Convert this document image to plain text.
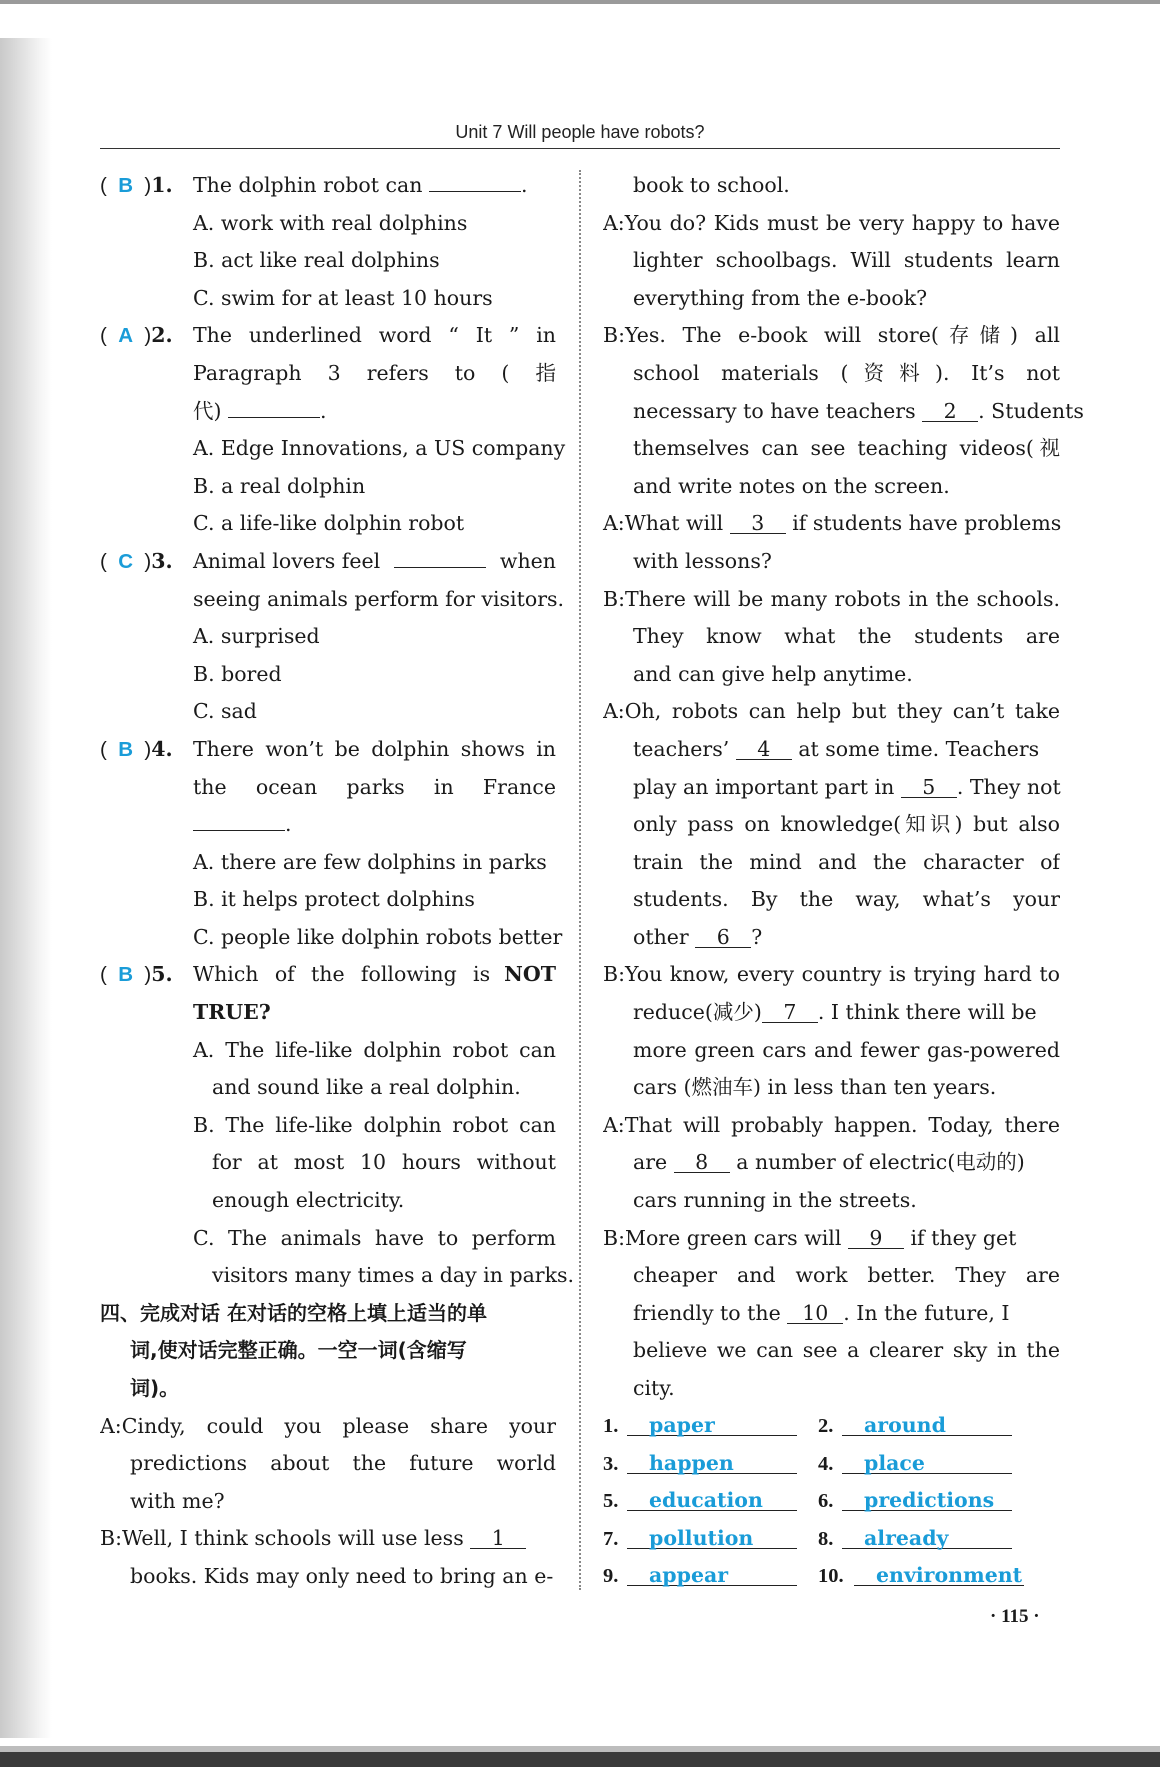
Unit 7 Will people have robots?
(  B  )1. The dolphin robot can	.
A. work with real dolphins
B. act like real dolphins
C. swim for at least 10 hours
(  A  )2. The underlined word “ It ” in
Paragraph 3 refers to ( 指
代)	.
A. Edge Innovations, a US company
B. a real dolphin
C. a life-like dolphin robot
(  C  )3. Animal lovers feel	when
seeing animals perform for visitors.
A. surprised
B. bored
C. sad
(  B  )4. There won’t be dolphin shows in
the ocean parks in France
.
A. there are few dolphins in parks
B. it helps protect dolphins
C. people like dolphin robots better
(  B  )5. Which of the following is NOT
TRUE?
A. The life-like dolphin robot can
and sound like a real dolphin.
B. The life-like dolphin robot can
for at most 10 hours without
enough electricity.
C. The animals have to perform
visitors many times a day in parks.
四、完成对话 在对话的空格上填上适当的单
词,使对话完整正确。一空一词(含缩写
词)。
A:Cindy, could you please share your
predictions about the future world
with me?
B:Well, I think schools will use less 1
books. Kids may only need to bring an e-
book to school.
A:You do? Kids must be very happy to have
lighter schoolbags. Will students learn
everything from the e-book?
B:Yes. The e-book will store(存储) all
school materials (资料). It’s not
necessary to have teachers 2 . Students
themselves can see teaching videos(视
and write notes on the screen.
A:What will 3 if students have problems
with lessons?
B:There will be many robots in the schools.
They know what the students are
and can give help anytime.
A:Oh, robots can help but they can’t take
teachers’ 4 at some time. Teachers
play an important part in 5 . They not
only pass on knowledge(知识) but also
train the mind and the character of
students. By the way, what’s your
other 6 ?
B:You know, every country is trying hard to
reduce(减少) 7 . I think there will be
more green cars and fewer gas-powered
cars (燃油车) in less than ten years.
A:That will probably happen. Today, there
are 8 a number of electric(电动的)
cars running in the streets.
B:More green cars will 9 if they get
cheaper and work better. They are
friendly to the 10 . In the future, I
believe we can see a clearer sky in the
city.
1.	paper	2.	around
3.	happen	4.	place
5.	education	6.	predictions
7.	pollution	8.	already
9.	appear	10.	environment
· 115 ·
